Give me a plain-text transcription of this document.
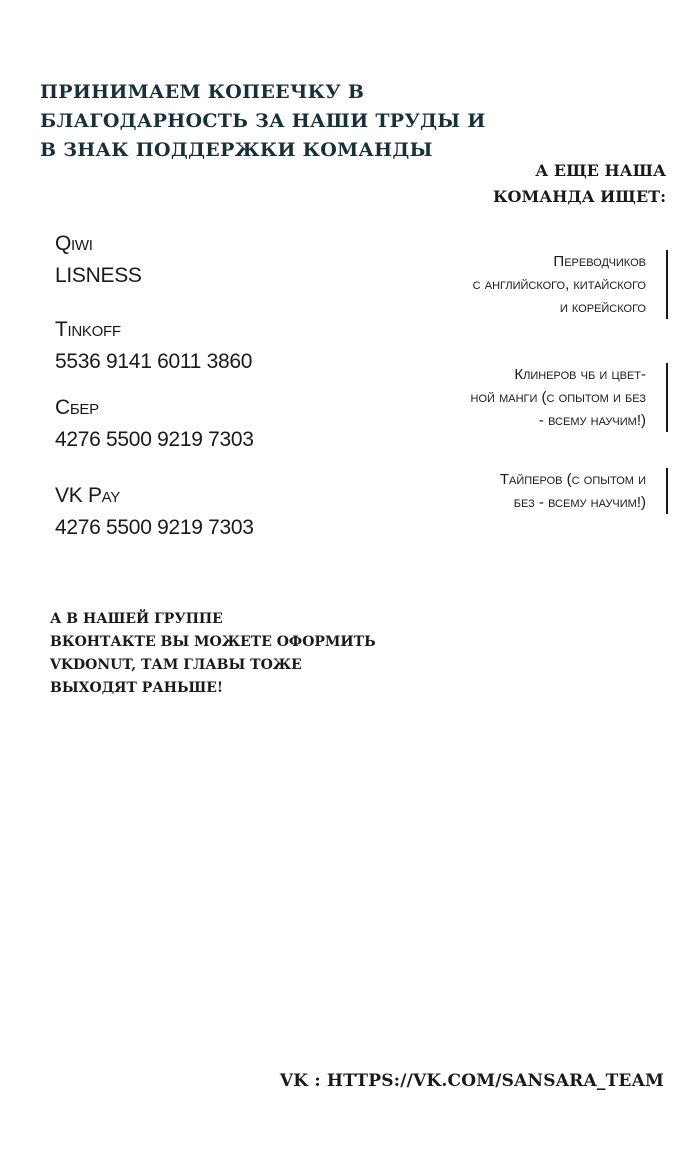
ПРИНИМАЕМ КОПЕЕЧКУ В
БЛАГОДАРНОСТЬ ЗА НАШИ ТРУДЫ И
В ЗНАК ПОДДЕРЖКИ КОМАНДЫ
А ЕЩЕ НАША
КОМАНДА ИЩЕТ:
Qiwi
LISNESS
Tinkoff
5536 9141 6011 3860
Сбер
4276 5500 9219 7303
VK Pay
4276 5500 9219 7303
Переводчиков
с английского, китайского
и корейского
Клинеров чб и цвет-
ной манги (с опытом и без
- всему научим!)
Тайперов (с опытом и
без - всему научим!)

А В НАШЕЙ ГРУППЕ
ВКОНТАКТЕ ВЫ МОЖЕТЕ ОФОРМИТЬ
VKDONUT, ТАМ ГЛАВЫ ТОЖЕ
ВЫХОДЯТ РАНЬШЕ!

VK : HTTPS://VK.COM/SANSARA_TEAM
